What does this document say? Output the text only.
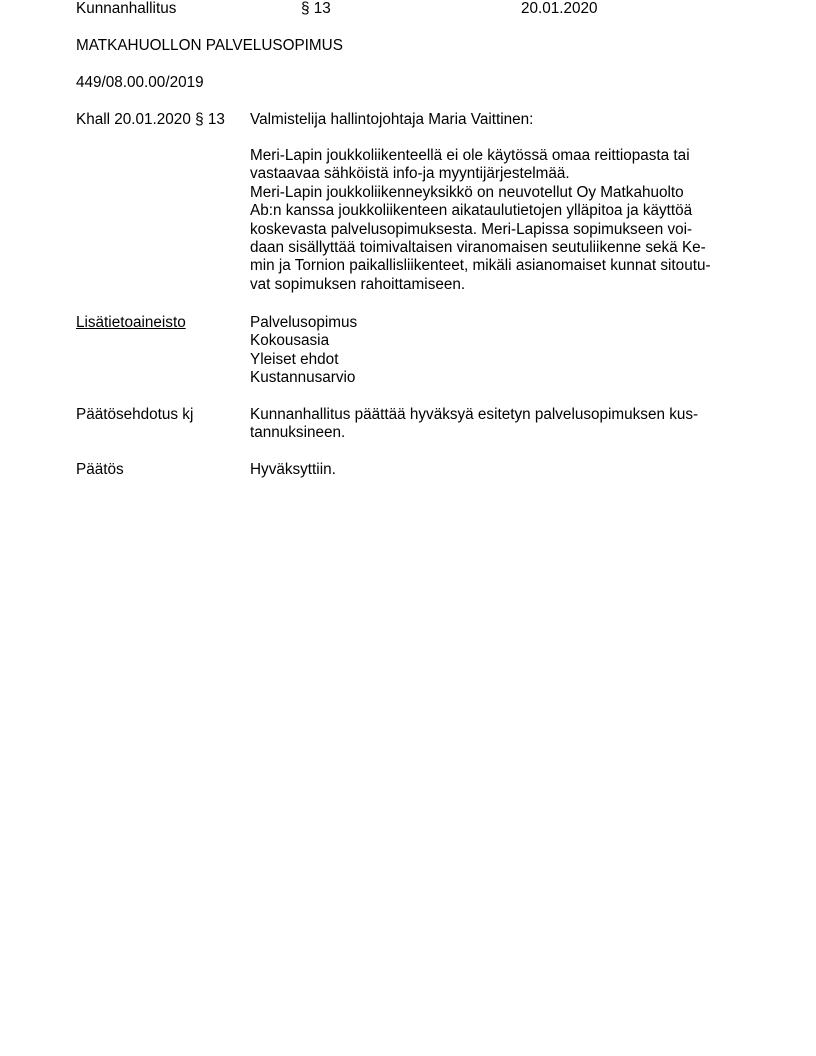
Kunnanhallitus	§ 13	20.01.2020
MATKAHUOLLON PALVELUSOPIMUS
449/08.00.00/2019
Khall 20.01.2020 § 13 Valmistelija hallintojohtaja Maria Vaittinen:
Meri-Lapin joukkoliikenteellä ei ole käytössä omaa reittiopasta tai
vastaavaa sähköistä info-ja myyntijärjestelmää.
Meri-Lapin joukkoliikenneyksikkö on neuvotellut Oy Matkahuolto
Ab:n kanssa joukkoliikenteen aikataulutietojen ylläpitoa ja käyttöä
koskevasta palvelusopimuksesta. Meri-Lapissa sopimukseen voi-
daan sisällyttää toimivaltaisen viranomaisen seutuliikenne sekä Ke-
min ja Tornion paikallisliikenteet, mikäli asianomaiset kunnat sitoutu-
vat sopimuksen rahoittamiseen.
Lisätietoaineisto	Palvelusopimus
Kokousasia
Yleiset ehdot
Kustannusarvio
Päätösehdotus kj	Kunnanhallitus päättää hyväksyä esitetyn palvelusopimuksen kus-
tannuksineen.
Päätös	Hyväksyttiin.
